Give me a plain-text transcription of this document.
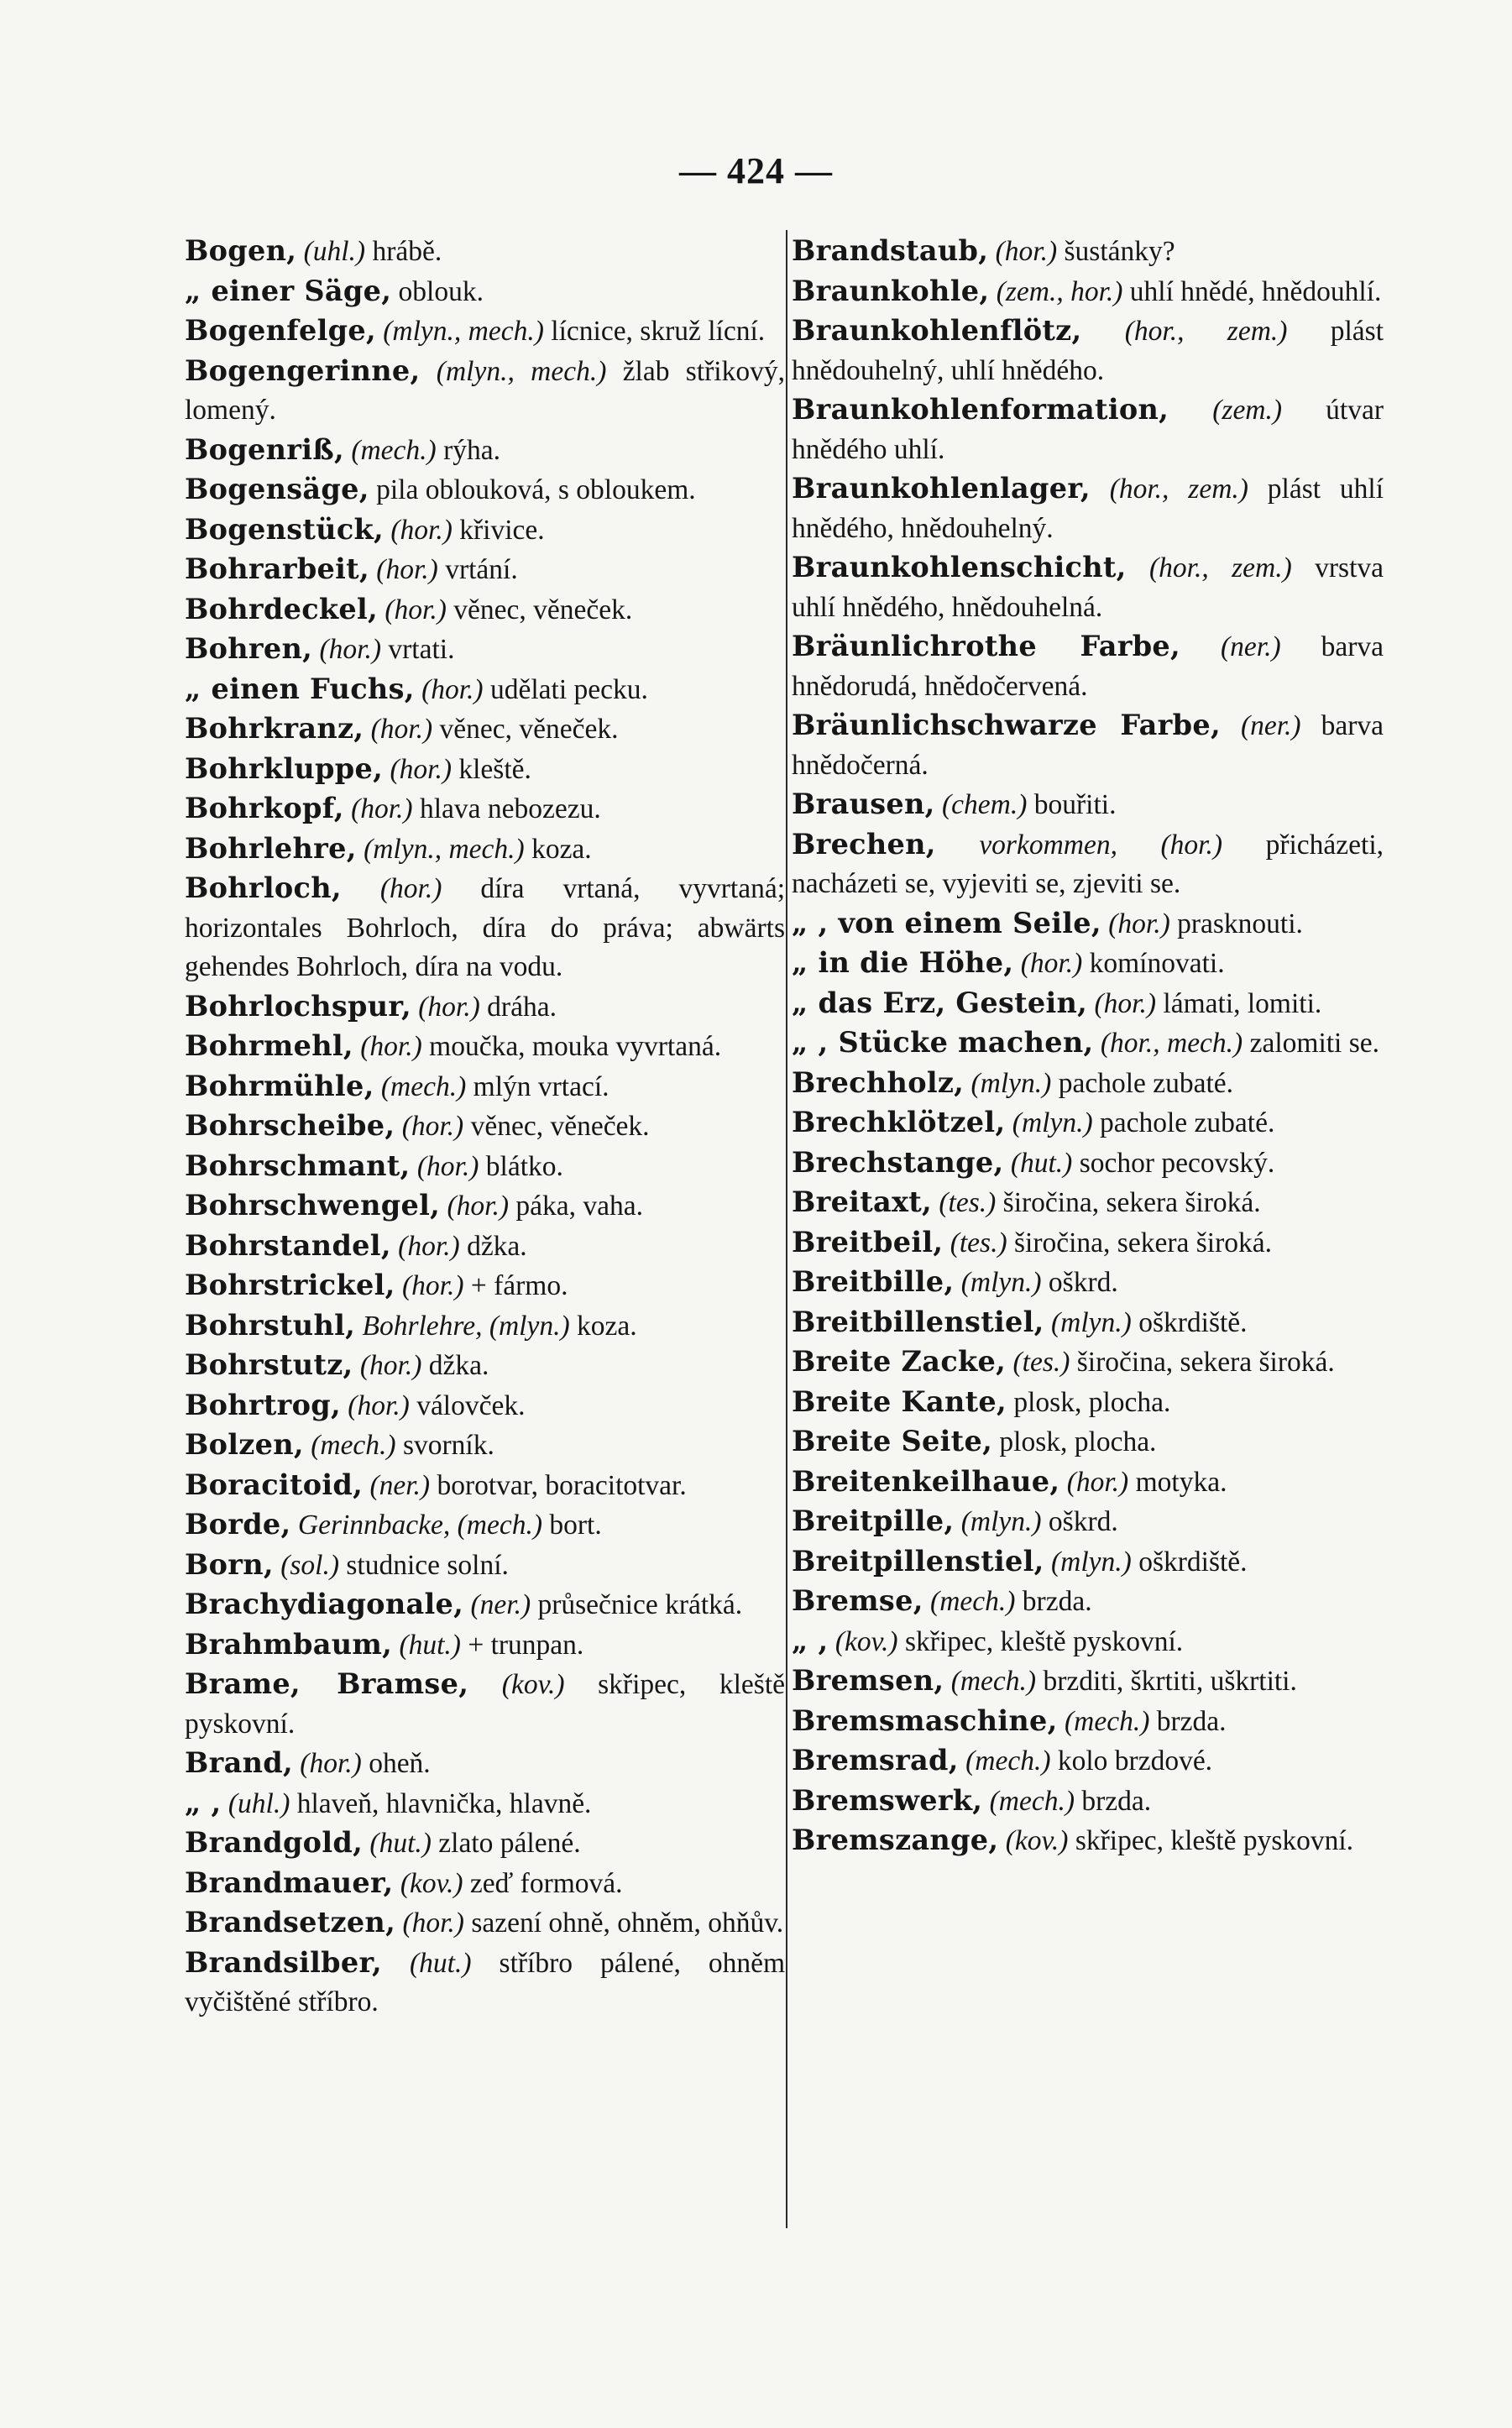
— 424 —
Bogen, (uhl.) hrábě.
„ einer Säge, oblouk.
Bogenfelge, (mlyn., mech.) lícnice, skruž lícní.
Bogengerinne, (mlyn., mech.) žlab střikový, lomený.
Bogenriß, (mech.) rýha.
Bogensäge, pila oblouková, s obloukem.
Bogenstück, (hor.) křivice.
Bohrarbeit, (hor.) vrtání.
Bohrdeckel, (hor.) věnec, věneček.
Bohren, (hor.) vrtati.
„ einen Fuchs, (hor.) udělati pecku.
Bohrkranz, (hor.) věnec, věneček.
Bohrkluppe, (hor.) kleště.
Bohrkopf, (hor.) hlava nebozezu.
Bohrlehre, (mlyn., mech.) koza.
Bohrloch, (hor.) díra vrtaná, vyvrtaná; horizontales Bohrloch, díra do práva; abwärts gehendes Bohrloch, díra na vodu.
Bohrlochspur, (hor.) dráha.
Bohrmehl, (hor.) moučka, mouka vyvrtaná.
Bohrmühle, (mech.) mlýn vrtací.
Bohrscheibe, (hor.) věnec, věneček.
Bohrschmant, (hor.) blátko.
Bohrschwengel, (hor.) páka, vahа.
Bohrstandel, (hor.) džka.
Bohrstrickel, (hor.) + fármo.
Bohrstuhl, Bohrlehre, (mlyn.) koza.
Bohrstutz, (hor.) džka.
Bohrtrog, (hor.) válovček.
Bolzen, (mech.) svorník.
Boracitoid, (ner.) borotvar, boracitotvar.
Borde, Gerinnbacke, (mech.) bort.
Born, (sol.) studnice solní.
Brachydiagonale, (ner.) průsečnice krátká.
Brahmbaum, (hut.) + trunpan.
Brame, Bramse, (kov.) skřipec, kleště pyskovní.
Brand, (hor.) oheň.
„ , (uhl.) hlaveň, hlavnička, hlavně.
Brandgold, (hut.) zlato pálené.
Brandmauer, (kov.) zeď formová.
Brandsetzen, (hor.) sazení ohně, ohněm, ohňův.
Brandsilber, (hut.) stříbro pálené, ohněm vyčištěné stříbro.
Brandstaub, (hor.) šustánky?
Braunkohle, (zem., hor.) uhlí hnědé, hnědouhlí.
Braunkohlenflötz, (hor., zem.) plást hnědouhelný, uhlí hnědého.
Braunkohlenformation, (zem.) útvar hnědého uhlí.
Braunkohlenlager, (hor., zem.) plást uhlí hnědého, hnědouhelný.
Braunkohlenschicht, (hor., zem.) vrstva uhlí hnědého, hnědouhelná.
Bräunlichrothe Farbe, (ner.) barva hnědorudá, hnědočervená.
Bräunlichschwarze Farbe, (ner.) barva hnědočerná.
Brausen, (chem.) bouřiti.
Brechen, vorkommen, (hor.) přicházeti, nacházeti se, vyjeviti se, zjeviti se.
„ , von einem Seile, (hor.) prasknouti.
„ in die Höhe, (hor.) komínovati.
„ das Erz, Gestein, (hor.) lámati, lomiti.
„ , Stücke machen, (hor., mech.) zalomiti se.
Brechholz, (mlyn.) pachole zubaté.
Brechklötzel, (mlyn.) pachole zubaté.
Brechstange, (hut.) sochor pecovský.
Breitaxt, (tes.) širočina, sekera široká.
Breitbeil, (tes.) širočina, sekera široká.
Breitbille, (mlyn.) oškrd.
Breitbillenstiel, (mlyn.) oškrdiště.
Breite Zacke, (tes.) širočina, sekera široká.
Breite Kante, plosk, plocha.
Breite Seite, plosk, plocha.
Breitenkeilhaue, (hor.) motyka.
Breitpille, (mlyn.) oškrd.
Breitpillenstiel, (mlyn.) oškrdiště.
Bremse, (mech.) brzda.
„ , (kov.) skřipec, kleště pyskovní.
Bremsen, (mech.) brzditi, škrtiti, uškrtiti.
Bremsmaschine, (mech.) brzda.
Bremsrad, (mech.) kolo brzdové.
Bremswerk, (mech.) brzda.
Bremszange, (kov.) skřipec, kleště pyskovní.
